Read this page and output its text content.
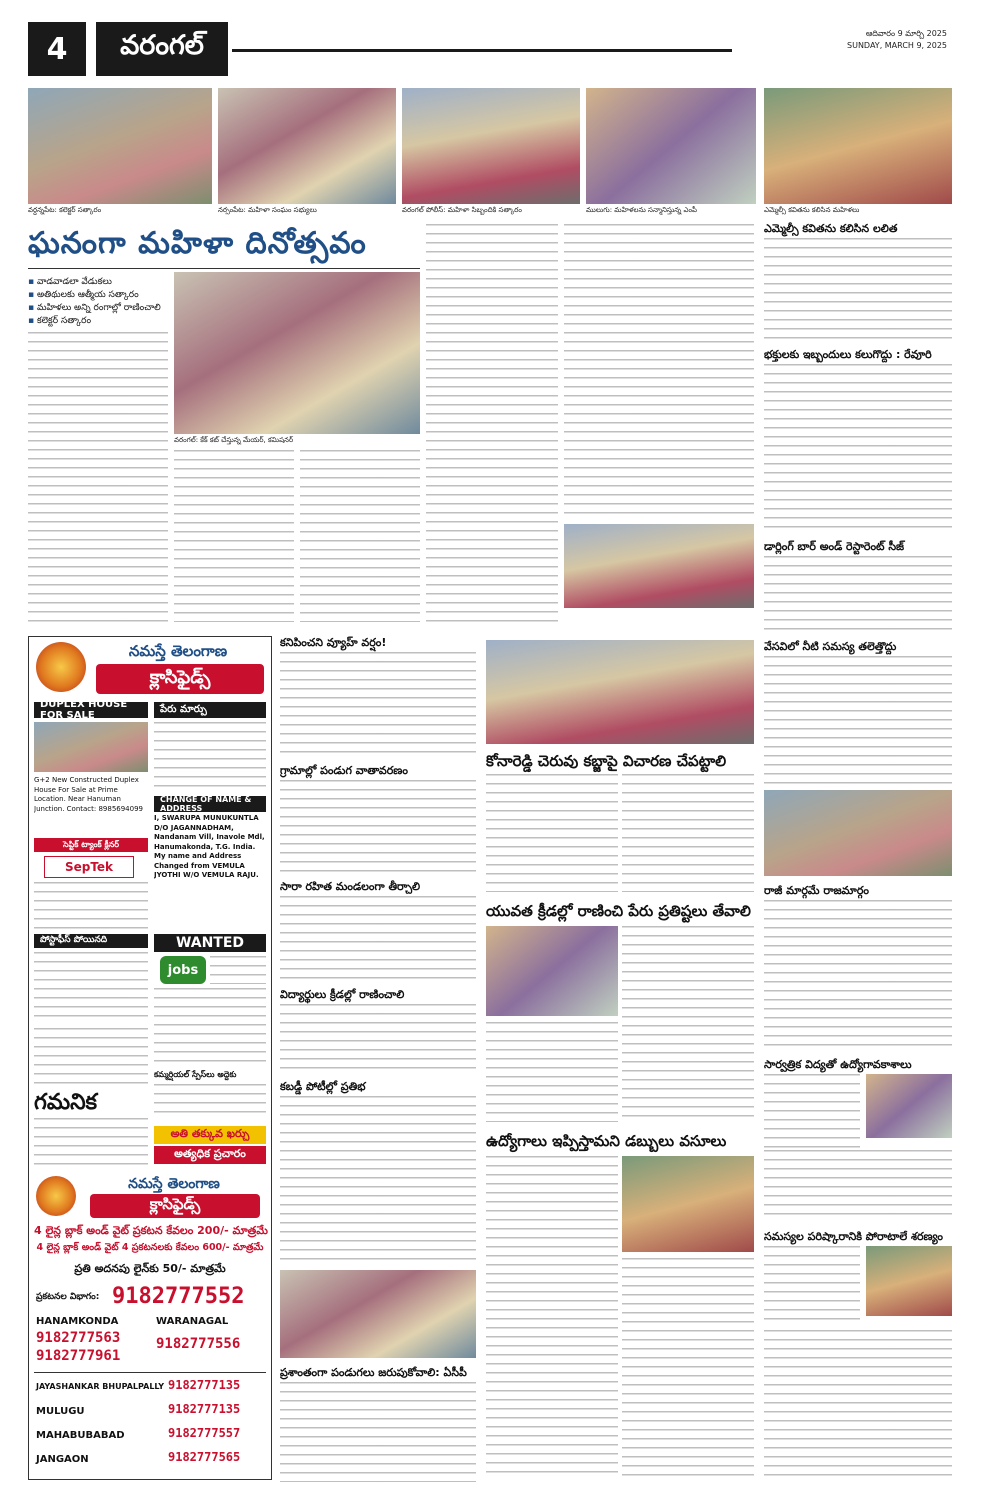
4	వరంగల్	ఆదివారం 9 మార్చి 2025
SUNDAY, MARCH 9, 2025
వర్ధన్నపేట: కలెక్టర్ సత్కారం	నర్సంపేట: మహిళా సంఘం సభ్యులు	వరంగల్ పోలీస్: మహిళా సిబ్బందికి సత్కారం	ములుగు: మహిళలను సన్మానిస్తున్న ఎంపీ	ఎమ్మెల్సీ కవితను కలిసిన మహిళలు
ఘనంగా మహిళా దినోత్సవం
▪ వాడవాడలా వేడుకలు
▪ అతిథులకు ఆత్మీయ సత్కారం
▪ మహిళలు అన్ని రంగాల్లో రాణించాలి
▪ కలెక్టర్ సత్కారం
వరంగల్: కేక్ కట్ చేస్తున్న మేయర్, కమిషనర్
ఎమ్మెల్సీ కవితను కలిసిన లలిత
భక్తులకు ఇబ్బందులు కలుగొద్దు : రేవూరి
డార్లింగ్ బార్ అండ్ రెస్టారెంట్ సీజ్
వేసవిలో నీటి సమస్య తలెత్తొద్దు
రాజీ మార్గమే రాజమార్గం
సార్వత్రిక విద్యతో ఉద్యోగావకాశాలు
సమస్యల పరిష్కారానికి పోరాటాలే శరణ్యం
కనిపించని వ్యూహ్ వర్షం!
గ్రామాల్లో పండుగ వాతావరణం
సారా రహిత మండలంగా తీర్చాలి
విద్యార్థులు క్రీడల్లో రాణించాలి
కబడ్డీ పోటీల్లో ప్రతిభ
ప్రశాంతంగా పండుగలు జరుపుకోవాలి: ఏసీపీ
కోనారెడ్డి చెరువు కబ్జాపై విచారణ చేపట్టాలి
యువత క్రీడల్లో రాణించి పేరు ప్రతిష్టలు తేవాలి
ఉద్యోగాలు ఇప్పిస్తామని డబ్బులు వసూలు
నమస్తే తెలంగాణ
క్లాసిఫైడ్స్
DUPLEX HOUSE FOR SALE
G+2 New Constructed Duplex House For Sale at Prime Location. Near Hanuman Junction. Contact: 8985694099
సెప్టిక్ ట్యాంక్ క్లీనర్
SepTek
పోస్టాఫీస్ పోయినది
పేరు మార్పు
CHANGE OF NAME & ADDRESS
I, SWARUPA MUNUKUNTLA D/O JAGANNADHAM, Nandanam Vill, Inavole Mdl, Hanumakonda, T.G. India. My name and Address Changed from VEMULA JYOTHI W/O VEMULA RAJU.
WANTED
jobs
కమ్మర్షియల్ స్పేస్‌లు అద్దెకు
గమనిక
అతి తక్కువ ఖర్చు
అత్యధిక ప్రచారం
నమస్తే తెలంగాణ
క్లాసిఫైడ్స్
4 లైన్ల బ్లాక్ అండ్ వైట్ ప్రకటన కేవలం 200/- మాత్రమే
4 లైన్ల బ్లాక్ అండ్ వైట్ 4 ప్రకటనలకు కేవలం 600/- మాత్రమే
ప్రతి అదనపు లైన్‌కు 50/- మాత్రమే
ప్రకటనల విభాగం: 9182777552
HANAMKONDA
9182777563
9182777961
WARANAGAL
9182777556
JAYASHANKAR BHUPALPALLY 9182777135
MULUGU	9182777135
MAHABUBABAD	9182777557
JANGAON	9182777565
